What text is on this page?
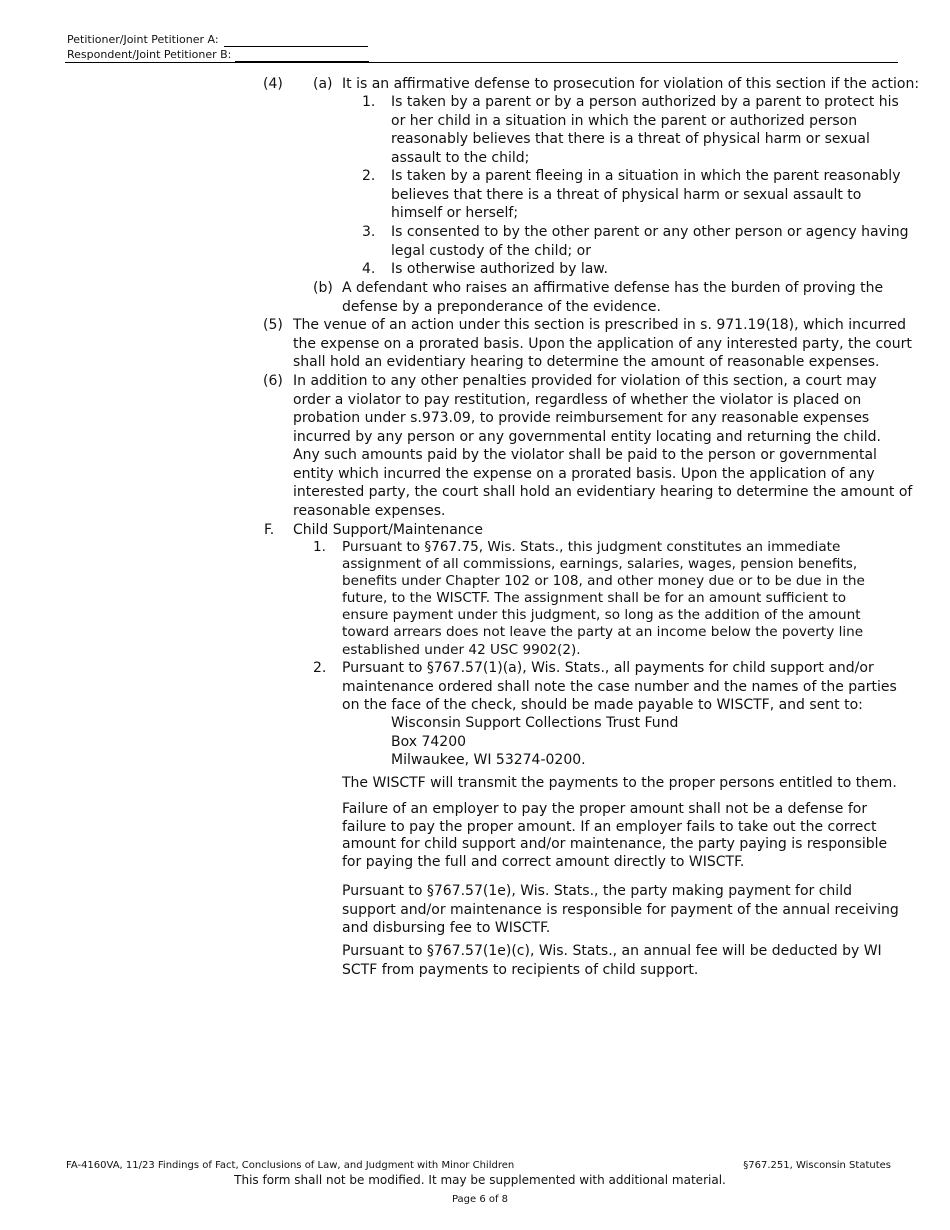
Petitioner/Joint Petitioner A:
Respondent/Joint Petitioner B:
(4) (a) It is an affirmative defense to prosecution for violation of this section if the action:
1. Is taken by a parent or by a person authorized by a parent to protect his
or her child in a situation in which the parent or authorized person
reasonably believes that there is a threat of physical harm or sexual
assault to the child;
2. Is taken by a parent fleeing in a situation in which the parent reasonably
believes that there is a threat of physical harm or sexual assault to
himself or herself;
3. Is consented to by the other parent or any other person or agency having
legal custody of the child; or
4. Is otherwise authorized by law.
(b) A defendant who raises an affirmative defense has the burden of proving the
defense by a preponderance of the evidence.
(5) The venue of an action under this section is prescribed in s. 971.19(18), which incurred
the expense on a prorated basis. Upon the application of any interested party, the court
shall hold an evidentiary hearing to determine the amount of reasonable expenses.
(6) In addition to any other penalties provided for violation of this section, a court may
order a violator to pay restitution, regardless of whether the violator is placed on
probation under s.973.09, to provide reimbursement for any reasonable expenses
incurred by any person or any governmental entity locating and returning the child.
Any such amounts paid by the violator shall be paid to the person or governmental
entity which incurred the expense on a prorated basis. Upon the application of any
interested party, the court shall hold an evidentiary hearing to determine the amount of
reasonable expenses.
F. Child Support/Maintenance
1. Pursuant to §767.75, Wis. Stats., this judgment constitutes an immediate
assignment of all commissions, earnings, salaries, wages, pension benefits,
benefits under Chapter 102 or 108, and other money due or to be due in the
future, to the WISCTF. The assignment shall be for an amount sufficient to
ensure payment under this judgment, so long as the addition of the amount
toward arrears does not leave the party at an income below the poverty line
established under 42 USC 9902(2).
2. Pursuant to §767.57(1)(a), Wis. Stats., all payments for child support and/or
maintenance ordered shall note the case number and the names of the parties
on the face of the check, should be made payable to WISCTF, and sent to:
Wisconsin Support Collections Trust Fund
Box 74200
Milwaukee, WI 53274-0200.
The WISCTF will transmit the payments to the proper persons entitled to them.
Failure of an employer to pay the proper amount shall not be a defense for
failure to pay the proper amount. If an employer fails to take out the correct
amount for child support and/or maintenance, the party paying is responsible
for paying the full and correct amount directly to WISCTF.
Pursuant to §767.57(1e), Wis. Stats., the party making payment for child
support and/or maintenance is responsible for payment of the annual receiving
and disbursing fee to WISCTF.
Pursuant to §767.57(1e)(c), Wis. Stats., an annual fee will be deducted by WI
SCTF from payments to recipients of child support.
FA-4160VA, 11/23 Findings of Fact, Conclusions of Law, and Judgment with Minor Children	§767.251, Wisconsin Statutes
This form shall not be modified. It may be supplemented with additional material.
Page 6 of 8
